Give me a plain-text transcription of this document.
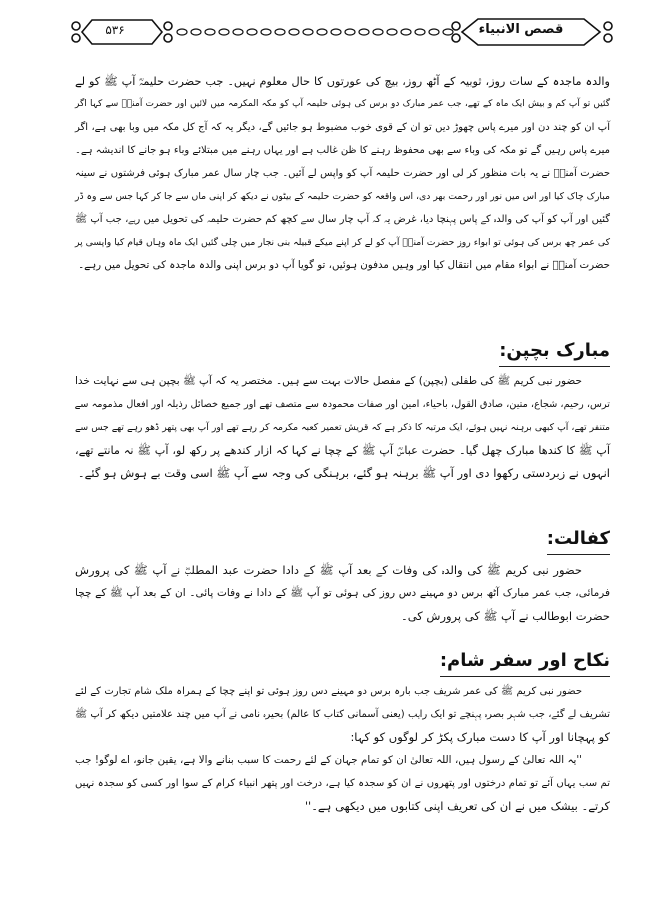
قصص الانبیاء
۵۳۶
والدہ ماجدہ کے سات روز، ثوبیہ کے آٹھ روز، بیچ کی عورتوں کا حال معلوم نہیں۔ جب حضرت حلیمہؓ آپ ﷺ کو لے
گئیں تو آپ کم و بیش ایک ماہ کے تھے، جب عمر مبارک دو برس کی ہوئی حلیمہ آپ کو مکہ المکرمہ میں لائیں اور حضرت آمنہؓ سے کہا اگر
آپ ان کو چند دن اور میرے پاس چھوڑ دیں تو ان کے قوی خوب مضبوط ہو جائیں گے، دیگر یہ کہ آج کل مکہ میں وبا بھی ہے، اگر
میرے پاس رہیں گے تو مکہ کی وباء سے بھی محفوظ رہنے کا ظن غالب ہے اور یہاں رہنے میں مبتلائے وباء ہو جانے کا اندیشہ ہے۔
حضرت آمنہؓ نے یہ بات منظور کر لی اور حضرت حلیمہ آپ کو واپس لے آئیں۔ جب چار سال عمر مبارک ہوئی فرشتوں نے سینہ
مبارک چاک کیا اور اس میں نور اور رحمت بھر دی، اس واقعہ کو حضرت حلیمہ کے بیٹوں نے دیکھ کر اپنی ماں سے جا کر کہا جس سے وہ ڈر
گئیں اور آپ کو آپ کی والدہ کے پاس پہنچا دیا، غرض یہ کہ آپ چار سال سے کچھ کم حضرت حلیمہ کی تحویل میں رہے، جب آپ ﷺ
کی عمر چھ برس کی ہوئی تو ابواء روز حضرت آمنہؓ آپ کو لے کر اپنے میکے قبیلہ بنی نجار میں چلی گئیں ایک ماہ وہاں قیام کیا واپسی پر
حضرت آمنہؓ نے ابواء مقام میں انتقال کیا اور وہیں مدفون ہوئیں، تو گویا آپ دو برس اپنی والدہ ماجدہ کی تحویل میں رہے۔
مبارک بچپن:
حضور نبی کریم ﷺ کی طفلی (بچپن) کے مفصل حالات بہت سے ہیں۔ مختصر یہ کہ آپ ﷺ بچپن ہی سے نہایت خدا
ترس، رحیم، شجاع، متین، صادق القول، باحیاء، امین اور صفات محمودہ سے متصف تھے اور جمیع خصائل رذیلہ اور افعال مذمومہ سے
متنفر تھے، آپ کبھی برہنہ نہیں ہوئے، ایک مرتبہ کا ذکر ہے کہ قریش تعمیر کعبہ مکرمہ کر رہے تھے اور آپ بھی پتھر ڈھو رہے تھے جس سے
آپ ﷺ کا کندھا مبارک چھل گیا۔ حضرت عباسؓ آپ ﷺ کے چچا نے کہا کہ ازار کندھے پر رکھ لو، آپ ﷺ نہ مانتے تھے،
انہوں نے زبردستی رکھوا دی اور آپ ﷺ برہنہ ہو گئے، برہنگی کی وجہ سے آپ ﷺ اسی وقت بے ہوش ہو گئے۔
کفالت:
حضور نبی کریم ﷺ کی والدہ کی وفات کے بعد آپ ﷺ کے دادا حضرت عبد المطلبؓ نے آپ ﷺ کی پرورش
فرمائی، جب عمر مبارک آٹھ برس دو مہینے دس روز کی ہوئی تو آپ ﷺ کے دادا نے وفات پائی۔ ان کے بعد آپ ﷺ کے چچا
حضرت ابوطالب نے آپ ﷺ کی پرورش کی۔
نکاح اور سفر شام:
حضور نبی کریم ﷺ کی عمر شریف جب بارہ برس دو مہینے دس روز ہوئی تو اپنے چچا کے ہمراہ ملک شام تجارت کے لئے
تشریف لے گئے، جب شہر بصرہ پہنچے تو ایک راہب (یعنی آسمانی کتاب کا عالم) بحیرہ نامی نے آپ میں چند علامتیں دیکھ کر آپ ﷺ
کو پہچانا اور آپ کا دست مبارک پکڑ کر لوگوں کو کہا:
''یہ اللہ تعالیٰ کے رسول ہیں، اللہ تعالیٰ ان کو تمام جہان کے لئے رحمت کا سبب بنانے والا ہے، یقین جانو، اے لوگو! جب
تم سب یہاں آئے تو تمام درختوں اور پتھروں نے ان کو سجدہ کیا ہے، درخت اور پتھر انبیاء کرام کے سوا اور کسی کو سجدہ نہیں
کرتے۔ بیشک میں نے ان کی تعریف اپنی کتابوں میں دیکھی ہے۔''
